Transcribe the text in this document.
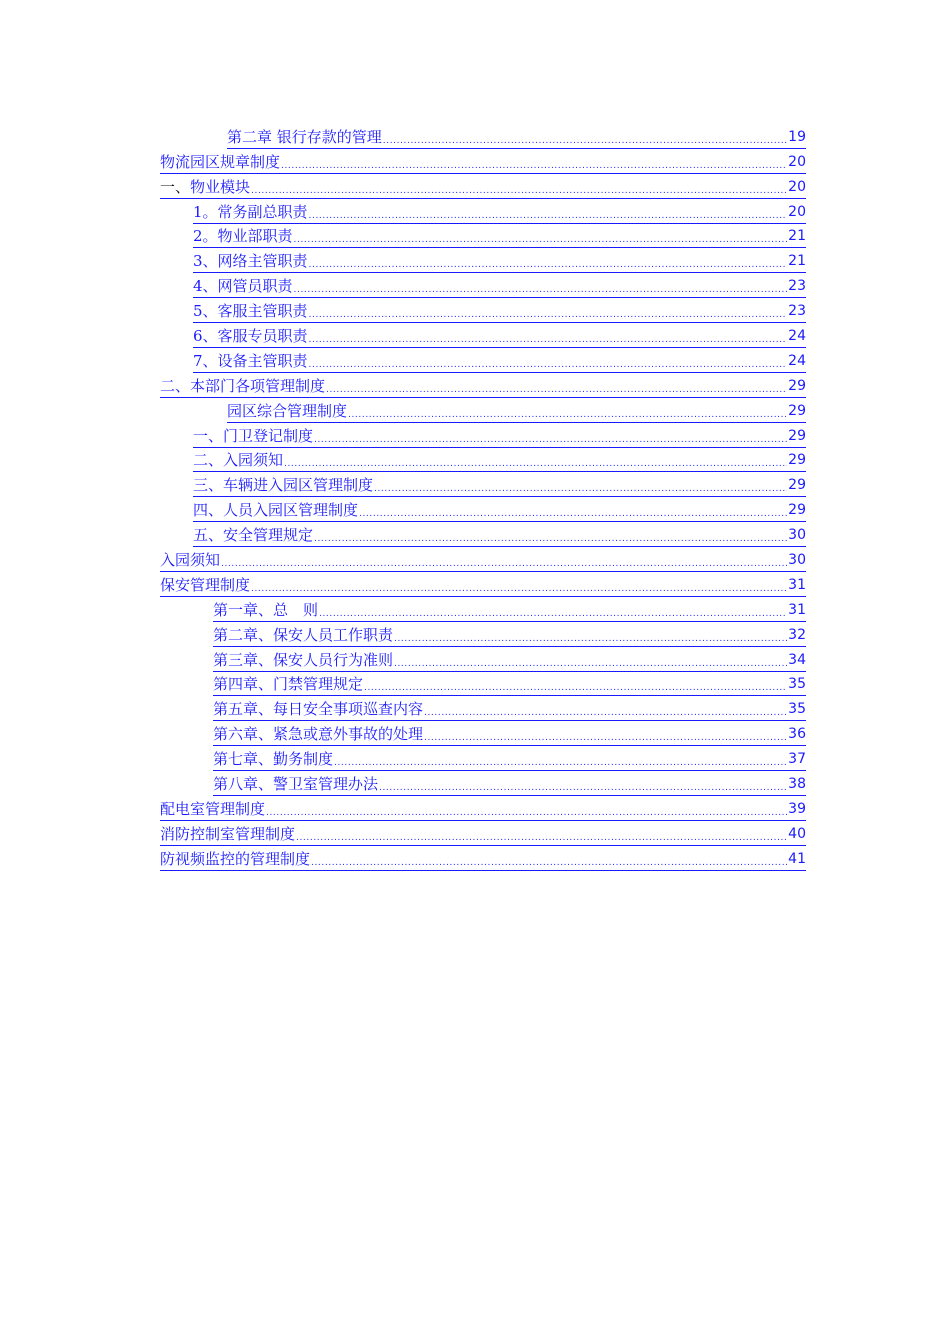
第二章 银行存款的管理 .....	19
物流园区规章制度 .....	20
一、物业模块 .....	20
1。常务副总职责 .....	20
2。物业部职责 .....	21
3、网络主管职责 .....	21
4、网管员职责 .....	23
5、客服主管职责 .....	23
6、客服专员职责 .....	24
7、设备主管职责 .....	24
二、本部门各项管理制度 .....	29
园区综合管理制度 .....	29
一、门卫登记制度 .....	29
二、入园须知 .....	29
三、车辆进入园区管理制度 .....	29
四、人员入园区管理制度 .....	29
五、安全管理规定 .....	30
入园须知 .....	30
保安管理制度 .....	31
第一章、总　则 .....	31
第二章、保安人员工作职责 .....	32
第三章、保安人员行为准则 .....	34
第四章、门禁管理规定 .....	35
第五章、每日安全事项巡查内容 .....	35
第六章、紧急或意外事故的处理 .....	36
第七章、勤务制度 .....	37
第八章、警卫室管理办法 .....	38
配电室管理制度 .....	39
消防控制室管理制度 .....	40
防视频监控的管理制度 .....	41
